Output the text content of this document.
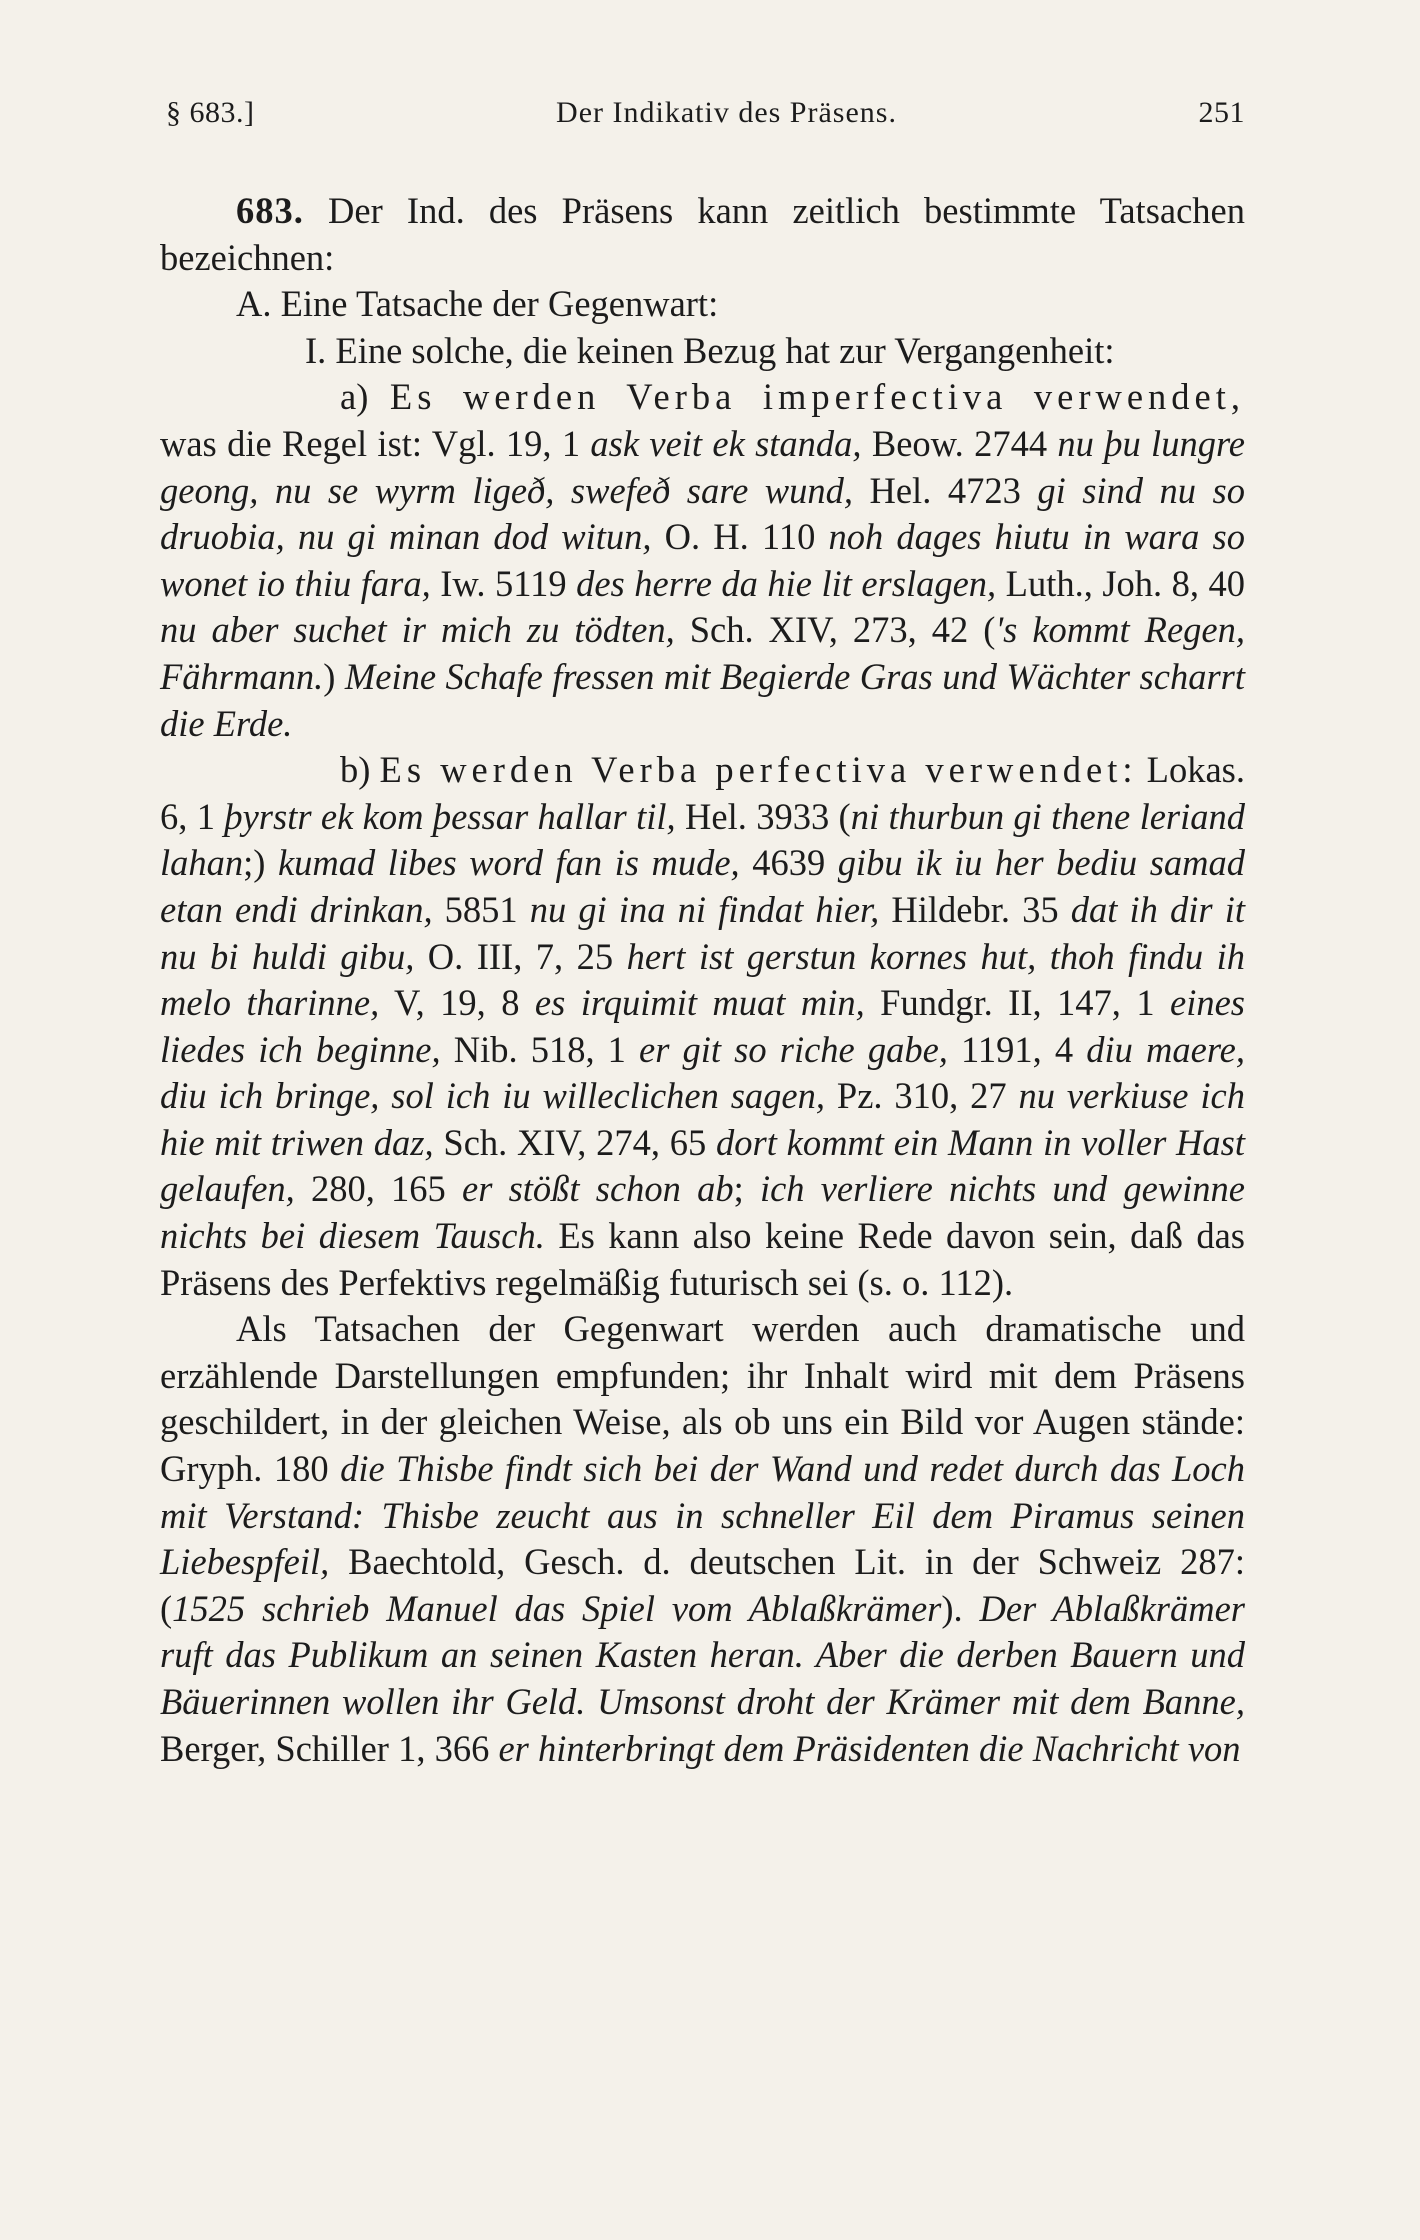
§ 683.]	Der Indikativ des Präsens.	251

683. Der Ind. des Präsens kann zeitlich bestimmte Tatsachen bezeichnen:

A. Eine Tatsache der Gegenwart:

I. Eine solche, die keinen Bezug hat zur Vergangenheit:

a) Es werden Verba imperfectiva verwendet, was die Regel ist: Vgl. 19, 1 ask veit ek standa, Beow. 2744 nu þu lungre geong, nu se wyrm ligeð, swefeð sare wund, Hel. 4723 gi sind nu so druobia, nu gi minan dod witun, O. H. 110 noh dages hiutu in wara so wonet io thiu fara, Iw. 5119 des herre da hie lit erslagen, Luth., Joh. 8, 40 nu aber suchet ir mich zu tödten, Sch. XIV, 273, 42 ('s kommt Regen, Fährmann.) Meine Schafe fressen mit Begierde Gras und Wächter scharrt die Erde.

b) Es werden Verba perfectiva verwendet: Lokas. 6, 1 þyrstr ek kom þessar hallar til, Hel. 3933 (ni thurbun gi thene leriand lahan;) kumad libes word fan is mude, 4639 gibu ik iu her bediu samad etan endi drinkan, 5851 nu gi ina ni findat hier, Hildebr. 35 dat ih dir it nu bi huldi gibu, O. III, 7, 25 hert ist gerstun kornes hut, thoh findu ih melo tharinne, V, 19, 8 es irquimit muat min, Fundgr. II, 147, 1 eines liedes ich beginne, Nib. 518, 1 er git so riche gabe, 1191, 4 diu maere, diu ich bringe, sol ich iu willeclichen sagen, Pz. 310, 27 nu verkiuse ich hie mit triwen daz, Sch. XIV, 274, 65 dort kommt ein Mann in voller Hast gelaufen, 280, 165 er stößt schon ab; ich verliere nichts und gewinne nichts bei diesem Tausch. Es kann also keine Rede davon sein, daß das Präsens des Perfektivs regelmäßig futurisch sei (s. o. 112).

Als Tatsachen der Gegenwart werden auch dramatische und erzählende Darstellungen empfunden; ihr Inhalt wird mit dem Präsens geschildert, in der gleichen Weise, als ob uns ein Bild vor Augen stände: Gryph. 180 die Thisbe findt sich bei der Wand und redet durch das Loch mit Verstand: Thisbe zeucht aus in schneller Eil dem Piramus seinen Liebespfeil, Baechtold, Gesch. d. deutschen Lit. in der Schweiz 287: (1525 schrieb Manuel das Spiel vom Ablaßkrämer). Der Ablaßkrämer ruft das Publikum an seinen Kasten heran. Aber die derben Bauern und Bäuerinnen wollen ihr Geld. Umsonst droht der Krämer mit dem Banne, Berger, Schiller 1, 366 er hinterbringt dem Präsidenten die Nachricht von
